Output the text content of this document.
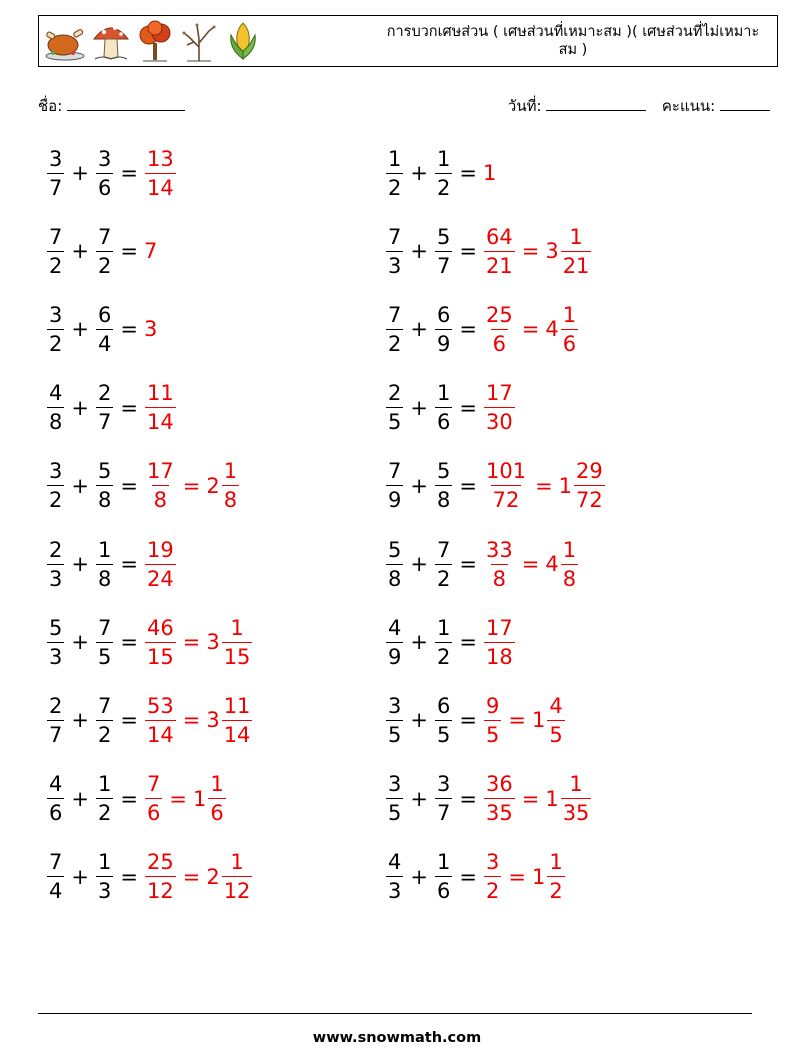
การบวกเศษส่วน ( เศษส่วนที่เหมาะสม )( เศษส่วนที่ไม่เหมาะสม )
ชื่อ:	วันที่:	คะแนน:
$\frac{3}{7} + \frac{3}{6} = \frac{13}{14}$	$\frac{1}{2} + \frac{1}{2} = 1$
$\frac{7}{2} + \frac{7}{2} = 7$	$\frac{7}{3} + \frac{5}{7} = \frac{64}{21} = 3 \frac{1}{21}$
$\frac{3}{2} + \frac{6}{4} = 3$	$\frac{7}{2} + \frac{6}{9} = \frac{25}{6} = 4 \frac{1}{6}$
$\frac{4}{8} + \frac{2}{7} = \frac{11}{14}$	$\frac{2}{5} + \frac{1}{6} = \frac{17}{30}$
$\frac{3}{2} + \frac{5}{8} = \frac{17}{8} = 2 \frac{1}{8}$	$\frac{7}{9} + \frac{5}{8} = \frac{101}{72} = 1 \frac{29}{72}$
$\frac{2}{3} + \frac{1}{8} = \frac{19}{24}$	$\frac{5}{8} + \frac{7}{2} = \frac{33}{8} = 4 \frac{1}{8}$
$\frac{5}{3} + \frac{7}{5} = \frac{46}{15} = 3 \frac{1}{15}$	$\frac{4}{9} + \frac{1}{2} = \frac{17}{18}$
$\frac{2}{7} + \frac{7}{2} = \frac{53}{14} = 3 \frac{11}{14}$	$\frac{3}{5} + \frac{6}{5} = \frac{9}{5} = 1 \frac{4}{5}$
$\frac{4}{6} + \frac{1}{2} = \frac{7}{6} = 1 \frac{1}{6}$	$\frac{3}{5} + \frac{3}{7} = \frac{36}{35} = 1 \frac{1}{35}$
$\frac{7}{4} + \frac{1}{3} = \frac{25}{12} = 2 \frac{1}{12}$	$\frac{4}{3} + \frac{1}{6} = \frac{3}{2} = 1 \frac{1}{2}$
www.snowmath.com
